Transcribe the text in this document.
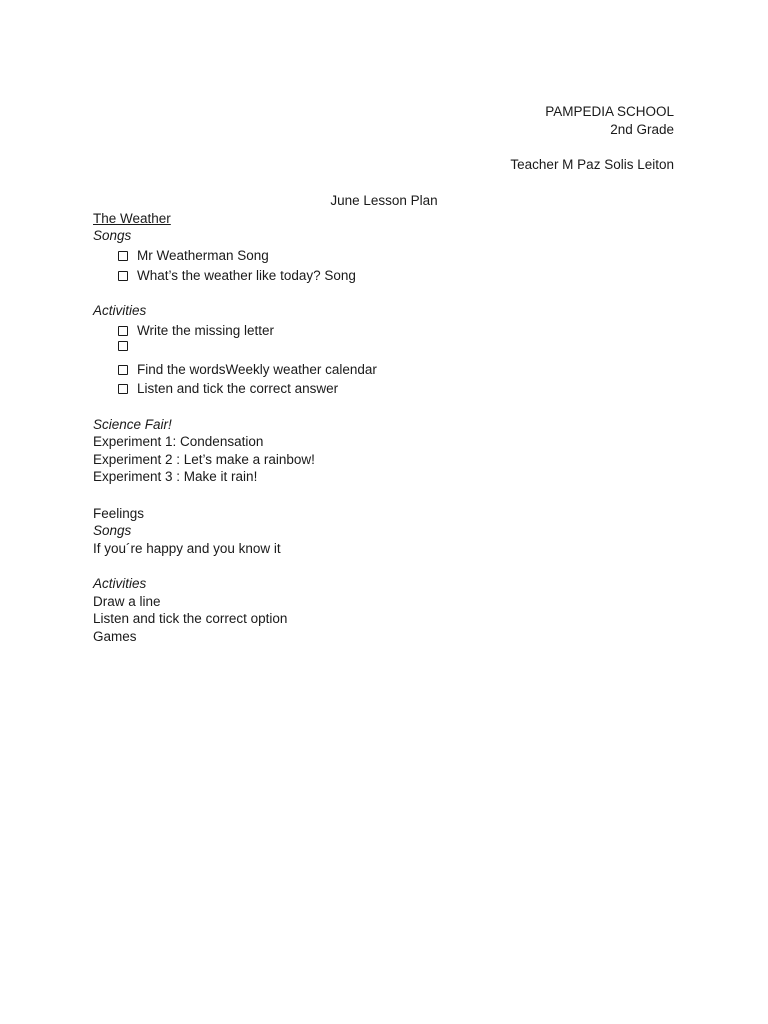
PAMPEDIA SCHOOL
2nd Grade
Teacher M Paz Solis Leiton
June Lesson Plan
The Weather
Songs
Mr Weatherman Song
What’s the weather like today? Song
Activities
Write the missing letter
Find the wordsWeekly weather calendar
Listen and tick the correct answer
Science Fair!
Experiment 1: Condensation
Experiment 2 : Let’s make a rainbow!
Experiment 3 : Make it rain!
Feelings
Songs
If you´re happy and you know it
Activities
Draw a line
Listen and tick the correct option
Games
